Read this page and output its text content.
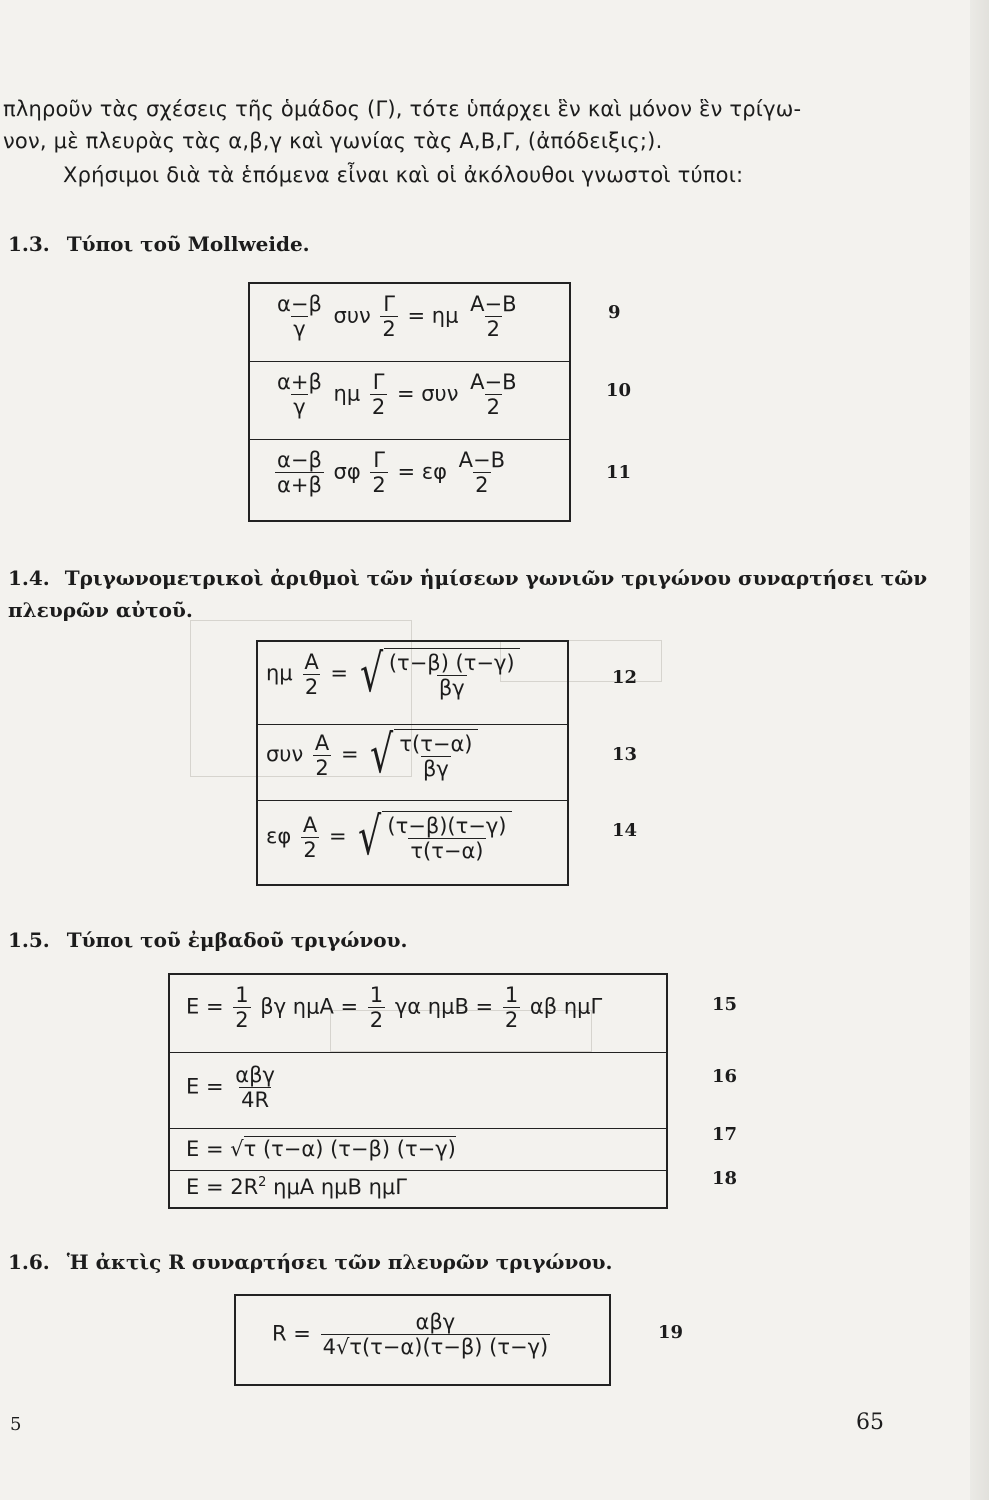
πληροῦν τὰς σχέσεις τῆς ὁμάδος (Γ), τότε ὑπάρχει ἓν καὶ μόνον ἓν τρίγω-
νον, μὲ πλευρὰς τὰς α,β,γ καὶ γωνίας τὰς Α,Β,Γ, (ἀπόδειξις;).
Χρήσιμοι διὰ τὰ ἑπόμενα εἶναι καὶ οἱ ἀκόλουθοι γνωστοὶ τύποι:
1.3. Τύποι τοῦ Mollweide.
$\frac{\alpha-\beta}{\gamma}$ συν $\frac{\Gamma}{2} = \eta\mu \frac{A-B}{2}$
$\frac{\alpha+\beta}{\gamma}$ ημ $\frac{\Gamma}{2} = \sigma\upsilon\nu \frac{A-B}{2}$
$\frac{\alpha-\beta}{\alpha+\beta}$ σφ $\frac{\Gamma}{2} = \varepsilon\varphi \frac{A-B}{2}$
9
10
11
1.4. Τριγωνομετρικοὶ ἀριθμοὶ τῶν ἡμίσεων γωνιῶν τριγώνου συναρτήσει τῶν
πλευρῶν αὐτοῦ.
ημ $\frac{A}{2}$ = √ $\frac{(\tau-\beta) (\tau-\gamma)}{\beta\gamma}$
συν $\frac{A}{2}$ = √ $\frac{\tau(\tau-\alpha)}{\beta\gamma}$
εφ $\frac{A}{2}$ = √ $\frac{(\tau-\beta)(\tau-\gamma)}{\tau(\tau-\alpha)}$
12
13
14
1.5. Τύποι τοῦ ἐμβαδοῦ τριγώνου.
$E = \frac{1}{2}$ βγ $\eta\mu A = \frac{1}{2}$ γα $\eta\mu B = \frac{1}{2}$ αβ ημΓ
$E = \frac{\text{αβγ}}{4R}$
Ε = √τ (τ−α) (τ−β) (τ−γ)
$E = 2R^2$ ημΑ ημΒ ημΓ
15
16
17
18
1.6. Ἡ ἀκτὶς R συναρτήσει τῶν πλευρῶν τριγώνου.
$R = \frac{\text{αβγ}}{4√\tau(\tau-\alpha)(\tau-\beta) (\tau-\gamma)}$	19
5	65
